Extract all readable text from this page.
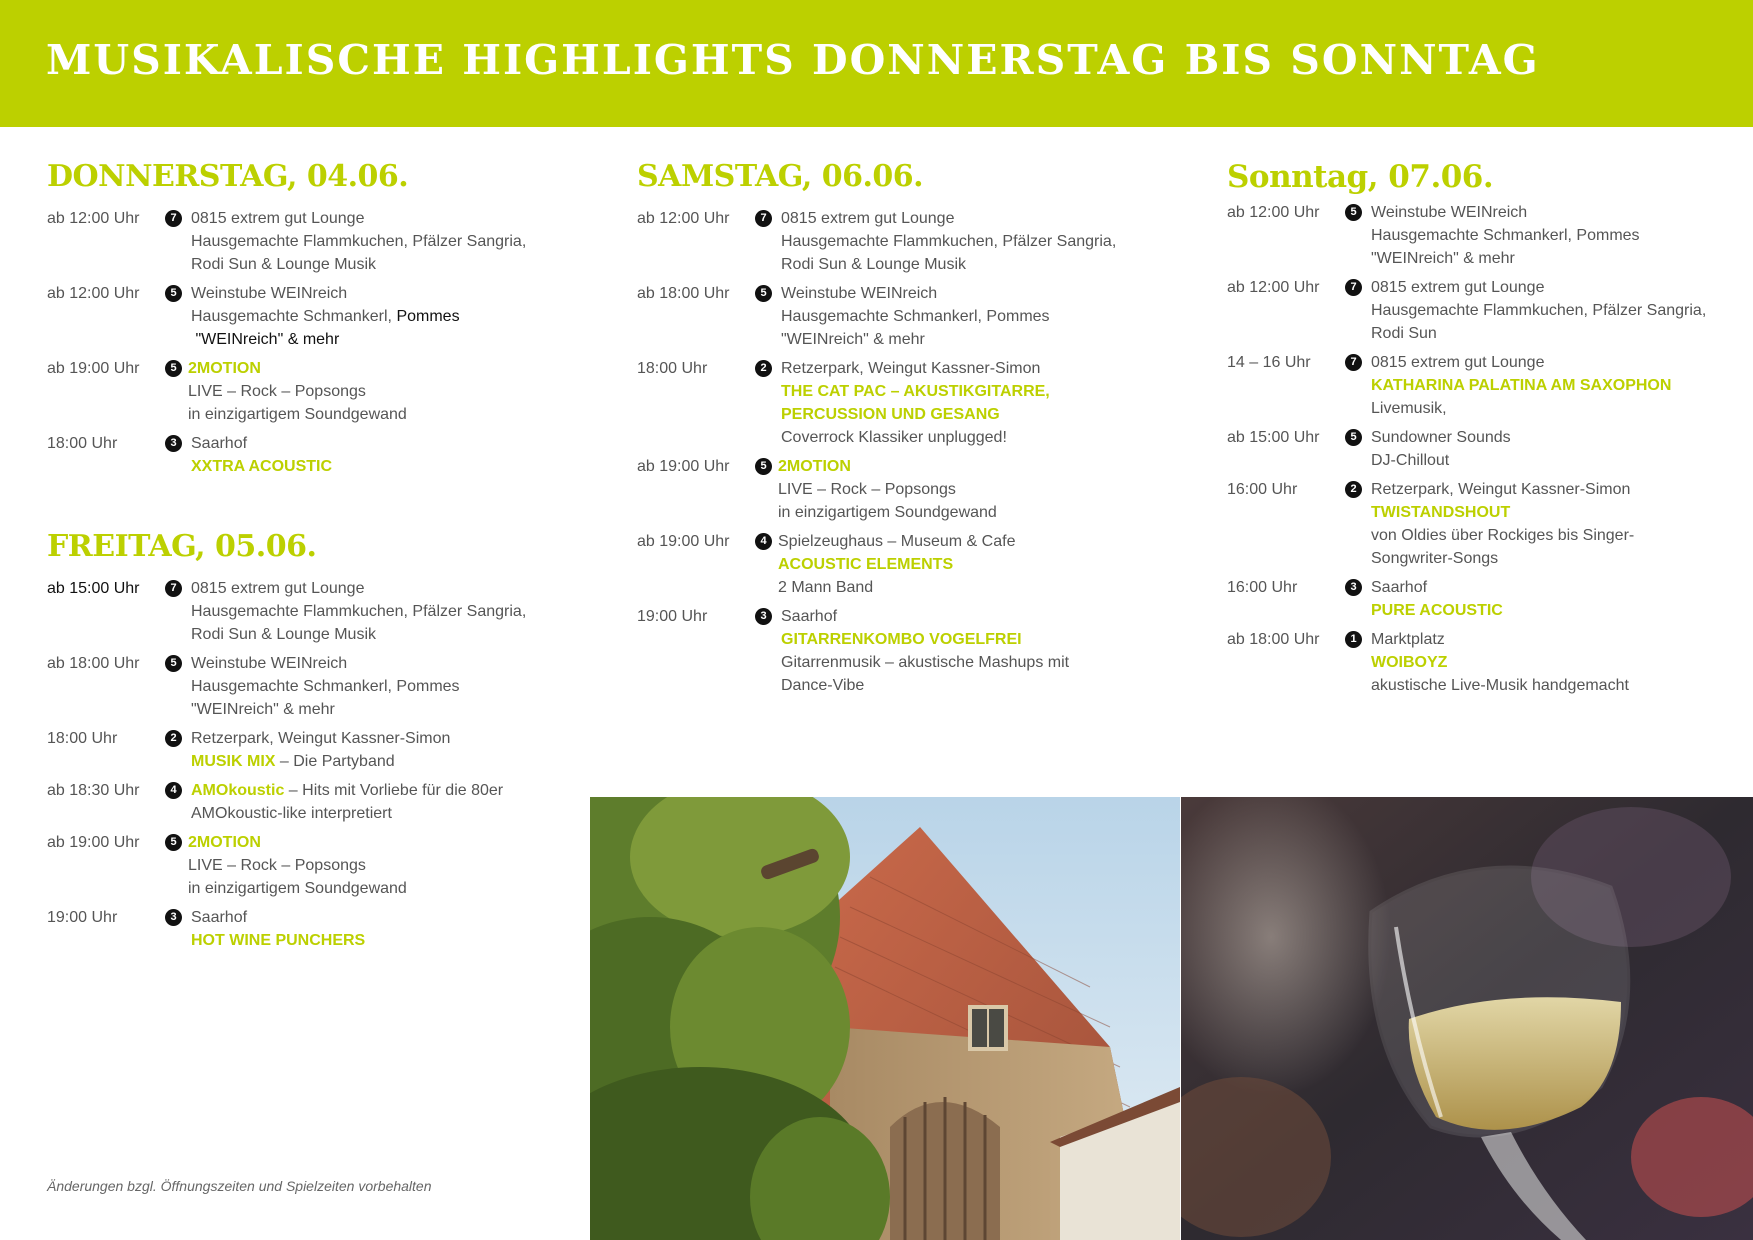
MUSIKALISCHE HIGHLIGHTS DONNERSTAG BIS SONNTAG
DONNERSTAG, 04.06.
ab 12:00 Uhr	7 0815 extrem gut Lounge
Hausgemachte Flammkuchen, Pfälzer Sangria,
Rodi Sun & Lounge Musik
ab 12:00 Uhr	5 Weinstube WEINreich
Hausgemachte Schmankerl, Pommes
"WEINreich" & mehr
ab 19:00 Uhr	5 2MOTION
LIVE – Rock – Popsongs
in einzigartigem Soundgewand
18:00 Uhr	3 Saarhof
XXTRA ACOUSTIC
FREITAG, 05.06.
ab 15:00 Uhr	7 0815 extrem gut Lounge
Hausgemachte Flammkuchen, Pfälzer Sangria,
Rodi Sun & Lounge Musik
ab 18:00 Uhr	5 Weinstube WEINreich
Hausgemachte Schmankerl, Pommes
"WEINreich" & mehr
18:00 Uhr	2 Retzerpark, Weingut Kassner-Simon
MUSIK MIX – Die Partyband
ab 18:30 Uhr	4 AMOkoustic – Hits mit Vorliebe für die 80er
AMOkoustic-like interpretiert
ab 19:00 Uhr	5 2MOTION
LIVE – Rock – Popsongs
in einzigartigem Soundgewand
19:00 Uhr	3 Saarhof
HOT WINE PUNCHERS
SAMSTAG, 06.06.
ab 12:00 Uhr	7 0815 extrem gut Lounge
Hausgemachte Flammkuchen, Pfälzer Sangria,
Rodi Sun & Lounge Musik
ab 18:00 Uhr	5 Weinstube WEINreich
Hausgemachte Schmankerl, Pommes
"WEINreich" & mehr
18:00 Uhr	2 Retzerpark, Weingut Kassner-Simon
THE CAT PAC – AKUSTIKGITARRE,
PERCUSSION UND GESANG
Coverrock Klassiker unplugged!
ab 19:00 Uhr	5 2MOTION
LIVE – Rock – Popsongs
in einzigartigem Soundgewand
ab 19:00 Uhr	4 Spielzeughaus – Museum & Cafe
ACOUSTIC ELEMENTS
2 Mann Band
19:00 Uhr	3 Saarhof
GITARRENKOMBO VOGELFREI
Gitarrenmusik – akustische Mashups mit
Dance-Vibe
Sonntag, 07.06.
ab 12:00 Uhr	5 Weinstube WEINreich
Hausgemachte Schmankerl, Pommes
"WEINreich" & mehr
ab 12:00 Uhr	7 0815 extrem gut Lounge
Hausgemachte Flammkuchen, Pfälzer Sangria,
Rodi Sun
14 – 16 Uhr	7 0815 extrem gut Lounge
KATHARINA PALATINA AM SAXOPHON
Livemusik,
ab 15:00 Uhr	5 Sundowner Sounds
DJ-Chillout
16:00 Uhr	2 Retzerpark, Weingut Kassner-Simon
TWISTANDSHOUT
von Oldies über Rockiges bis Singer-
Songwriter-Songs
16:00 Uhr	3 Saarhof
PURE ACOUSTIC
ab 18:00 Uhr	1 Marktplatz
WOIBOYZ
akustische Live-Musik handgemacht
Änderungen bzgl. Öffnungszeiten und Spielzeiten vorbehalten
